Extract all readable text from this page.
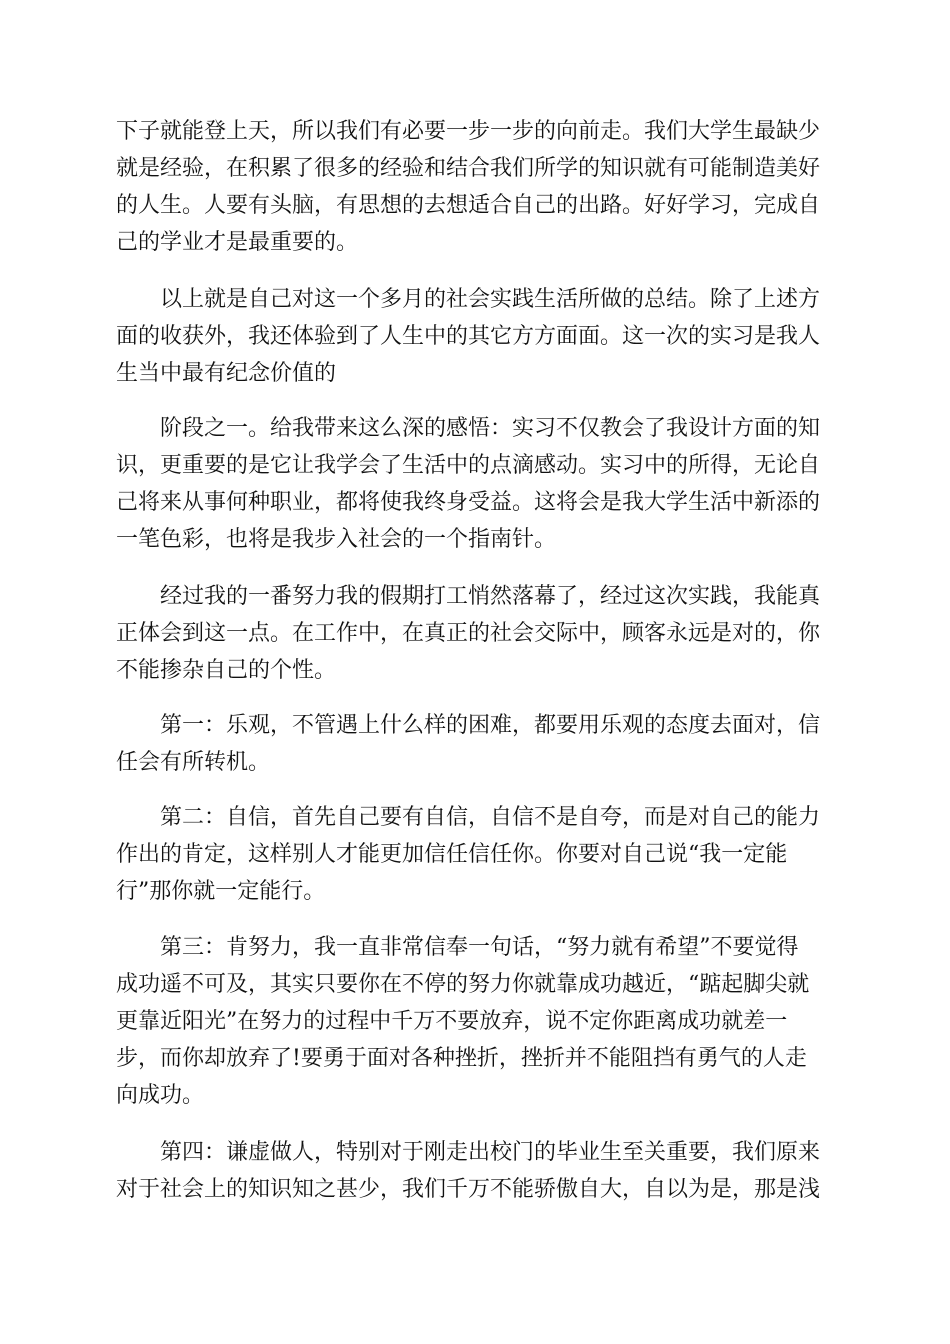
下子就能登上天，所以我们有必要一步一步的向前走。我们大学生最缺少
就是经验，在积累了很多的经验和结合我们所学的知识就有可能制造美好
的人生。人要有头脑，有思想的去想适合自己的出路。好好学习，完成自
己的学业才是最重要的。
　　以上就是自己对这一个多月的社会实践生活所做的总结。除了上述方
面的收获外，我还体验到了人生中的其它方方面面。这一次的实习是我人
生当中最有纪念价值的
　　阶段之一。给我带来这么深的感悟：实习不仅教会了我设计方面的知
识，更重要的是它让我学会了生活中的点滴感动。实习中的所得，无论自
己将来从事何种职业，都将使我终身受益。这将会是我大学生活中新添的
一笔色彩，也将是我步入社会的一个指南针。
　　经过我的一番努力我的假期打工悄然落幕了，经过这次实践，我能真
正体会到这一点。在工作中，在真正的社会交际中，顾客永远是对的，你
不能掺杂自己的个性。
　　第一：乐观，不管遇上什么样的困难，都要用乐观的态度去面对，信
任会有所转机。
　　第二：自信，首先自己要有自信，自信不是自夸，而是对自己的能力
作出的肯定，这样别人才能更加信任信任你。你要对自己说“我一定能
行”那你就一定能行。
　　第三：肯努力，我一直非常信奉一句话，“努力就有希望”不要觉得
成功遥不可及，其实只要你在不停的努力你就靠成功越近，“踮起脚尖就
更靠近阳光”在努力的过程中千万不要放弃，说不定你距离成功就差一
步，而你却放弃了!要勇于面对各种挫折，挫折并不能阻挡有勇气的人走
向成功。
　　第四：谦虚做人，特别对于刚走出校门的毕业生至关重要，我们原来
对于社会上的知识知之甚少，我们千万不能骄傲自大，自以为是，那是浅
